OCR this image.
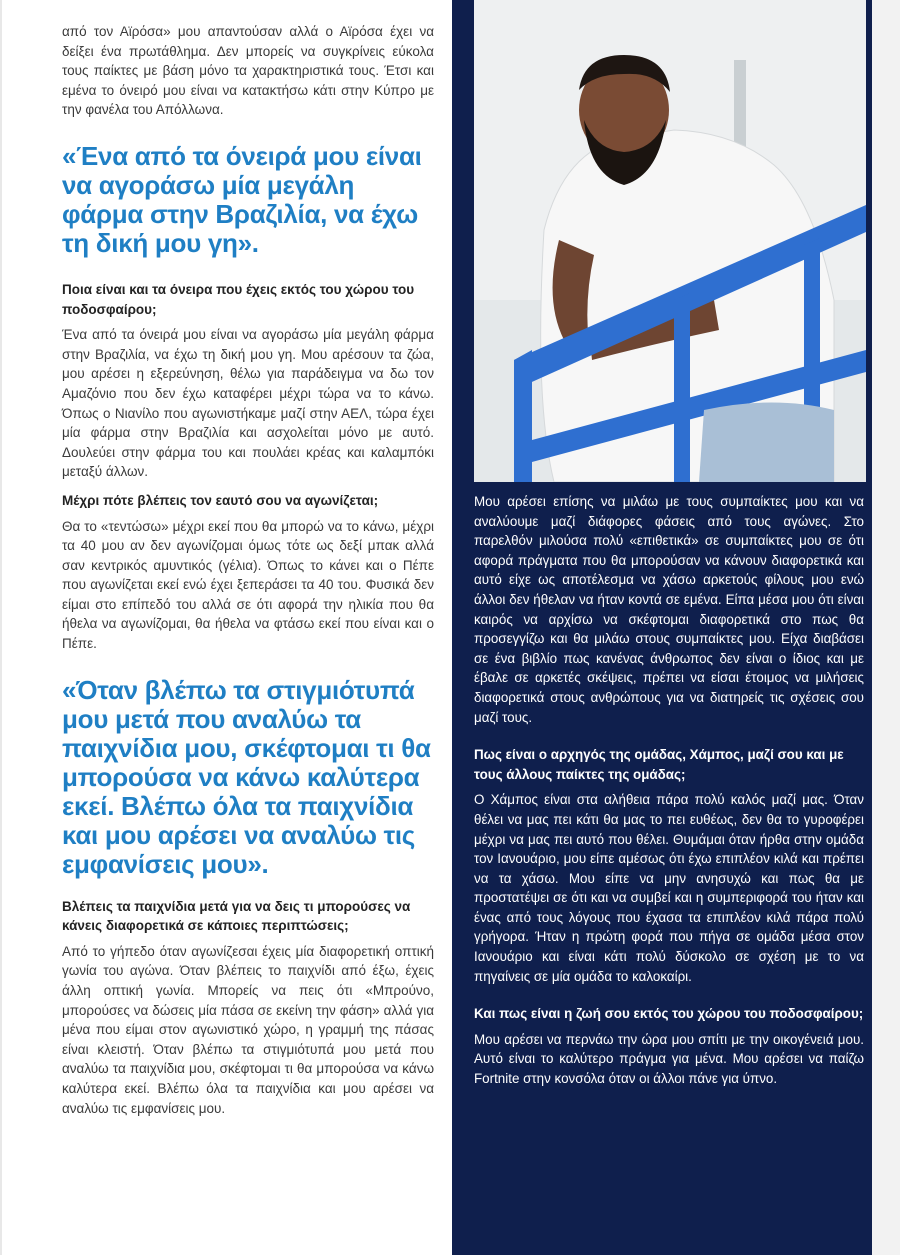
από τον Αϊρόσα» μου απαντούσαν αλλά ο Αϊρόσα έχει να δείξει ένα πρωτάθλημα. Δεν μπορείς να συγκρίνεις εύκολα τους παίκτες με βάση μόνο τα χαρακτηριστικά τους. Έτσι και εμένα το όνειρό μου είναι να κατακτήσω κάτι στην Κύπρο με την φανέλα του Απόλλωνα.

«Ένα από τα όνειρά μου είναι να αγοράσω μία μεγάλη φάρμα στην Βραζιλία, να έχω τη δική μου γη».

Ποια είναι και τα όνειρα που έχεις εκτός του χώρου του ποδοσφαίρου;

Ένα από τα όνειρά μου είναι να αγοράσω μία μεγάλη φάρμα στην Βραζιλία, να έχω τη δική μου γη. Μου αρέσουν τα ζώα, μου αρέσει η εξερεύνηση, θέλω για παράδειγμα να δω τον Αμαζόνιο που δεν έχω καταφέρει μέχρι τώρα να το κάνω. Όπως ο Νιανίλο που αγωνιστήκαμε μαζί στην ΑΕΛ, τώρα έχει μία φάρμα στην Βραζιλία και ασχολείται μόνο με αυτό. Δουλεύει στην φάρμα του και πουλάει κρέας και καλαμπόκι μεταξύ άλλων.

Μέχρι πότε βλέπεις τον εαυτό σου να αγωνίζεται;

Θα το «τεντώσω» μέχρι εκεί που θα μπορώ να το κάνω, μέχρι τα 40 μου αν δεν αγωνίζομαι όμως τότε ως δεξί μπακ αλλά σαν κεντρικός αμυντικός (γέλια). Όπως το κάνει και ο Πέπε που αγωνίζεται εκεί ενώ έχει ξεπεράσει τα 40 του. Φυσικά δεν είμαι στο επίπεδό του αλλά σε ότι αφορά την ηλικία που θα ήθελα να αγωνίζομαι, θα ήθελα να φτάσω εκεί που είναι και ο Πέπε.

«Όταν βλέπω τα στιγμιότυπά μου μετά που αναλύω τα παιχνίδια μου, σκέφτομαι τι θα μπορούσα να κάνω καλύτερα εκεί. Βλέπω όλα τα παιχνίδια και μου αρέσει να αναλύω τις εμφανίσεις μου».

Βλέπεις τα παιχνίδια μετά για να δεις τι μπορούσες να κάνεις διαφορετικά σε κάποιες περιπτώσεις;

Από το γήπεδο όταν αγωνίζεσαι έχεις μία διαφορετική οπτική γωνία του αγώνα. Όταν βλέπεις το παιχνίδι από έξω, έχεις άλλη οπτική γωνία. Μπορείς να πεις ότι «Μπρούνο, μπορούσες να δώσεις μία πάσα σε εκείνη την φάση» αλλά για μένα που είμαι στον αγωνιστικό χώρο, η γραμμή της πάσας είναι κλειστή. Όταν βλέπω τα στιγμιότυπά μου μετά που αναλύω τα παιχνίδια μου, σκέφτομαι τι θα μπορούσα να κάνω καλύτερα εκεί. Βλέπω όλα τα παιχνίδια και μου αρέσει να αναλύω τις εμφανίσεις μου.

Μου αρέσει επίσης να μιλάω με τους συμπαίκτες μου και να αναλύουμε μαζί διάφορες φάσεις από τους αγώνες. Στο παρελθόν μιλούσα πολύ «επιθετικά» σε συμπαίκτες μου σε ότι αφορά πράγματα που θα μπορούσαν να κάνουν διαφορετικά και αυτό είχε ως αποτέλεσμα να χάσω αρκετούς φίλους μου ενώ άλλοι δεν ήθελαν να ήταν κοντά σε εμένα. Είπα μέσα μου ότι είναι καιρός να αρχίσω να σκέφτομαι διαφορετικά στο πως θα προσεγγίζω και θα μιλάω στους συμπαίκτες μου. Είχα διαβάσει σε ένα βιβλίο πως κανένας άνθρωπος δεν είναι ο ίδιος και με έβαλε σε αρκετές σκέψεις, πρέπει να είσαι έτοιμος να μιλήσεις διαφορετικά στους ανθρώπους για να διατηρείς τις σχέσεις σου μαζί τους.

Πως είναι ο αρχηγός της ομάδας, Χάμπος, μαζί σου και με τους άλλους παίκτες της ομάδας;

Ο Χάμπος είναι στα αλήθεια πάρα πολύ καλός μαζί μας. Όταν θέλει να μας πει κάτι θα μας το πει ευθέως, δεν θα το γυροφέρει μέχρι να μας πει αυτό που θέλει. Θυμάμαι όταν ήρθα στην ομάδα τον Ιανουάριο, μου είπε αμέσως ότι έχω επιπλέον κιλά και πρέπει να τα χάσω. Μου είπε να μην ανησυχώ και πως θα με προστατέψει σε ότι και να συμβεί και η συμπεριφορά του ήταν και ένας από τους λόγους που έχασα τα επιπλέον κιλά πάρα πολύ γρήγορα. Ήταν η πρώτη φορά που πήγα σε ομάδα μέσα στον Ιανουάριο και είναι κάτι πολύ δύσκολο σε σχέση με το να πηγαίνεις σε μία ομάδα το καλοκαίρι.

Και πως είναι η ζωή σου εκτός του χώρου του ποδοσφαίρου;

Μου αρέσει να περνάω την ώρα μου σπίτι με την οικογένειά μου. Αυτό είναι το καλύτερο πράγμα για μένα. Μου αρέσει να παίζω Fortnite στην κονσόλα όταν οι άλλοι πάνε για ύπνο.
